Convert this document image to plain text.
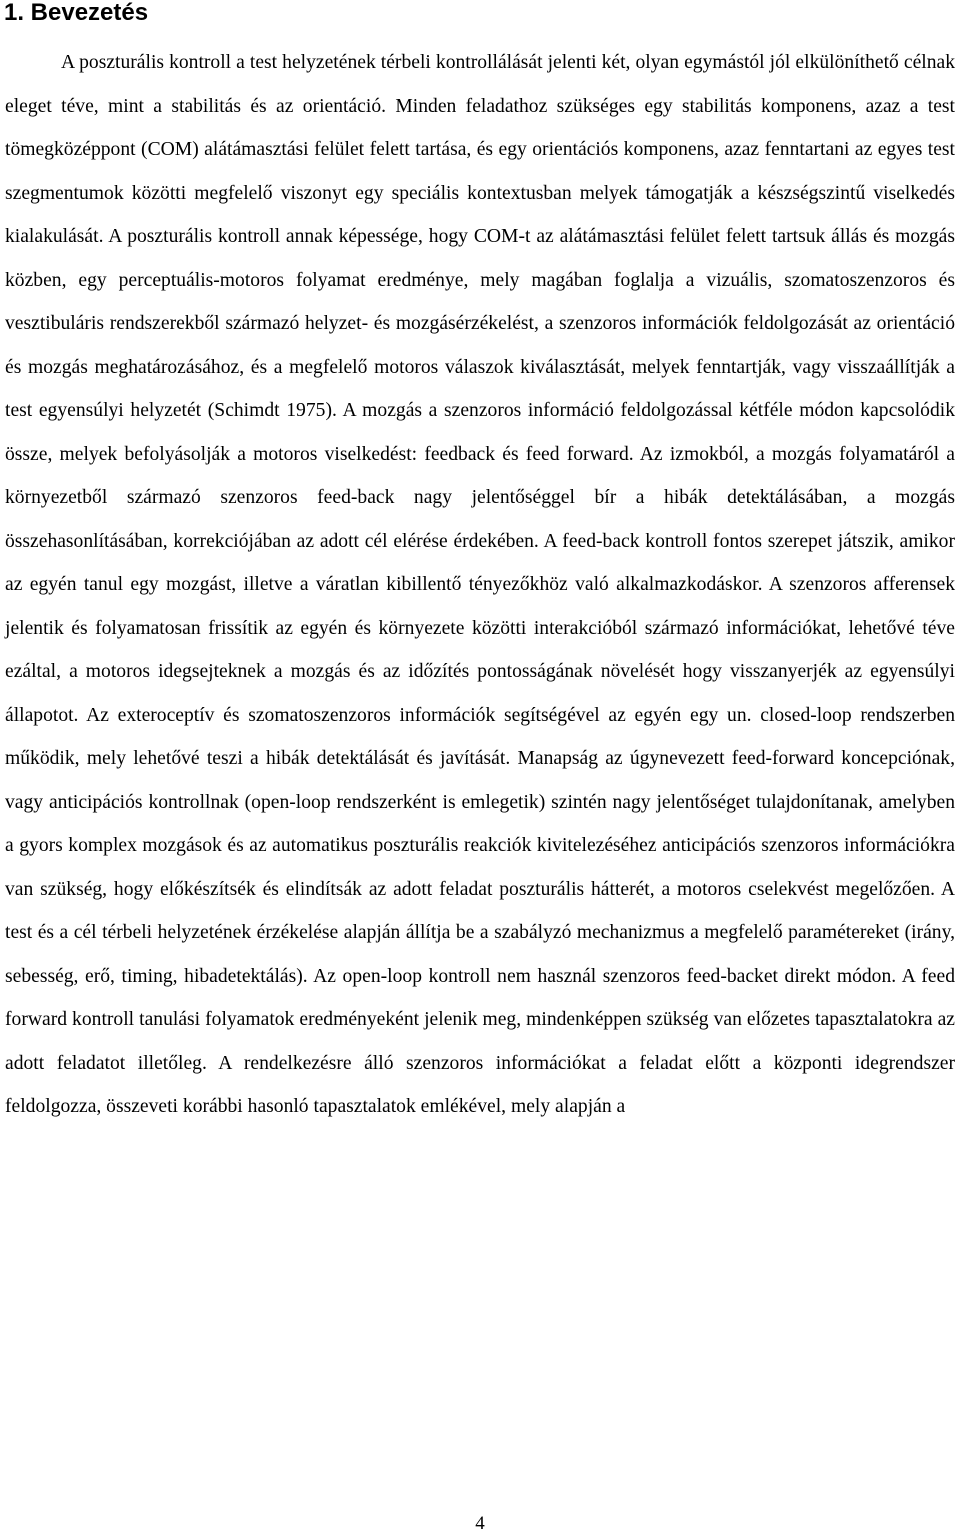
1. Bevezetés

A poszturális kontroll a test helyzetének térbeli kontrollálását jelenti két, olyan egymástól jól elkülöníthető célnak eleget téve, mint a stabilitás és az orientáció. Minden feladathoz szükséges egy stabilitás komponens, azaz a test tömegközéppont (COM) alátámasztási felület felett tartása, és egy orientációs komponens, azaz fenntartani az egyes test szegmentumok közötti megfelelő viszonyt egy speciális kontextusban melyek támogatják a készségszintű viselkedés kialakulását. A poszturális kontroll annak képessége, hogy COM-t az alátámasztási felület felett tartsuk állás és mozgás közben, egy perceptuális-motoros folyamat eredménye, mely magában foglalja a vizuális, szomatoszenzoros és vesztibuláris rendszerekből származó helyzet- és mozgásérzékelést, a szenzoros információk feldolgozását az orientáció és mozgás meghatározásához, és a megfelelő motoros válaszok kiválasztását, melyek fenntartják, vagy visszaállítják a test egyensúlyi helyzetét (Schimdt 1975). A mozgás a szenzoros információ feldolgozással kétféle módon kapcsolódik össze, melyek befolyásolják a motoros viselkedést: feedback és feed forward. Az izmokból, a mozgás folyamatáról a környezetből származó szenzoros feed-back nagy jelentőséggel bír a hibák detektálásában, a mozgás összehasonlításában, korrekciójában az adott cél elérése érdekében. A feed-back kontroll fontos szerepet játszik, amikor az egyén tanul egy mozgást, illetve a váratlan kibillentő tényezőkhöz való alkalmazkodáskor. A szenzoros afferensek jelentik és folyamatosan frissítik az egyén és környezete közötti interakcióból származó információkat, lehetővé téve ezáltal, a motoros idegsejteknek a mozgás és az időzítés pontosságának növelését hogy visszanyerjék az egyensúlyi állapotot. Az exteroceptív és szomatoszenzoros információk segítségével az egyén egy un. closed-loop rendszerben működik, mely lehetővé teszi a hibák detektálását és javítását. Manapság az úgynevezett feed-forward koncepciónak, vagy anticipációs kontrollnak (open-loop rendszerként is emlegetik) szintén nagy jelentőséget tulajdonítanak, amelyben a gyors komplex mozgások és az automatikus poszturális reakciók kivitelezéséhez anticipációs szenzoros információkra van szükség, hogy előkészítsék és elindítsák az adott feladat poszturális hátterét, a motoros cselekvést megelőzően. A test és a cél térbeli helyzetének érzékelése alapján állítja be a szabályzó mechanizmus a megfelelő paramétereket (irány, sebesség, erő, timing, hibadetektálás). Az open-loop kontroll nem használ szenzoros feed-backet direkt módon. A feed forward kontroll tanulási folyamatok eredményeként jelenik meg, mindenképpen szükség van előzetes tapasztalatokra az adott feladatot illetőleg. A rendelkezésre álló szenzoros információkat a feladat előtt a központi idegrendszer feldolgozza, összeveti korábbi hasonló tapasztalatok emlékével, mely alapján a

4
